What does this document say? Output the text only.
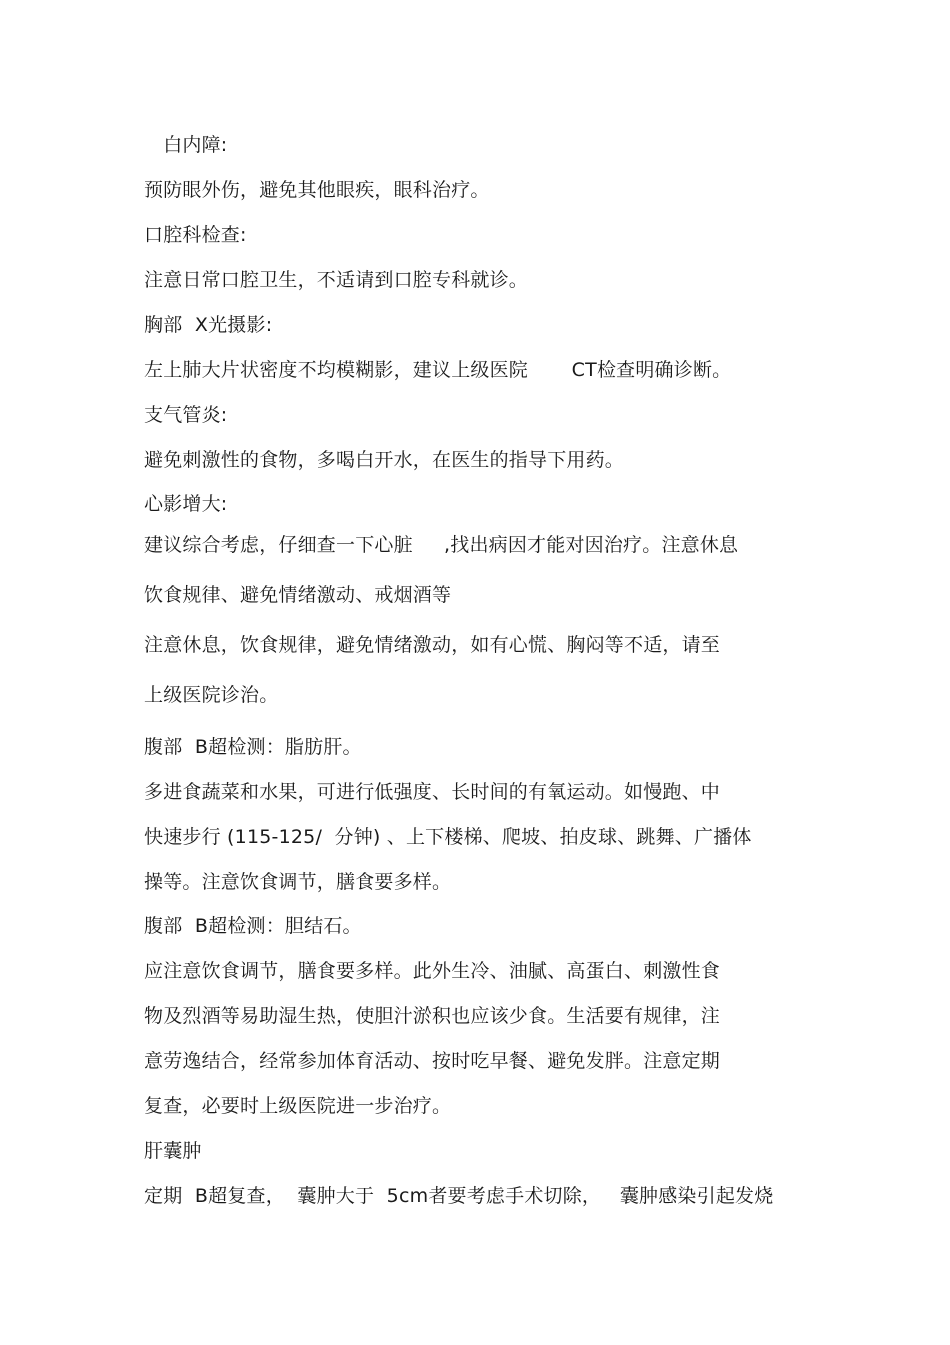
　白内障:
预防眼外伤，避免其他眼疾，眼科治疗。
口腔科检查:
注意日常口腔卫生，不适请到口腔专科就诊。
胸部  X光摄影:
左上肺大片状密度不均模糊影，建议上级医院       CT检查明确诊断。
支气管炎:
避免刺激性的食物，多喝白开水，在医生的指导下用药。
心影增大:
建议综合考虑，仔细查一下心脏     ,找出病因才能对因治疗。注意休息
饮食规律、避免情绪激动、戒烟酒等
注意休息，饮食规律，避免情绪激动，如有心慌、胸闷等不适，请至
上级医院诊治。
腹部  B超检测：脂肪肝。
多进食蔬菜和水果，可进行低强度、长时间的有氧运动。如慢跑、中
快速步行 (115-125/  分钟) 、上下楼梯、爬坡、拍皮球、跳舞、广播体
操等。注意饮食调节，膳食要多样。
腹部  B超检测：胆结石。
应注意饮食调节，膳食要多样。此外生冷、油腻、高蛋白、刺激性食
物及烈酒等易助湿生热，使胆汁淤积也应该少食。生活要有规律，注
意劳逸结合，经常参加体育活动、按时吃早餐、避免发胖。注意定期
复查，必要时上级医院进一步治疗。
肝囊肿
定期  B超复查，  囊肿大于  5cm者要考虑手术切除，   囊肿感染引起发烧
